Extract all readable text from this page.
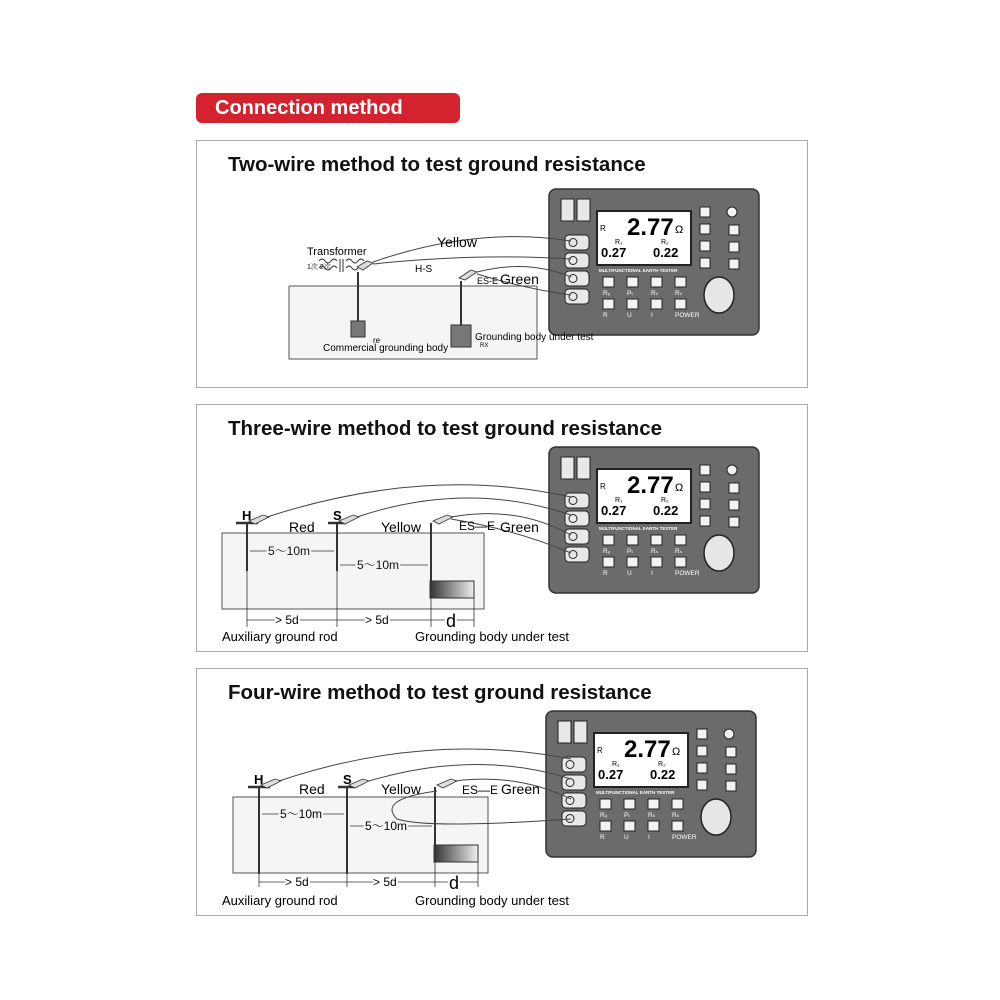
Connection method
Two-wire method to test ground resistance
2.77 Ω
R
R₁	R₂
0.27 0.22
MULTIFUNCTIONAL EARTH TESTER
Rₑ	Pₜ	Rₛ	Rₛ
R	U	I	POWER
Transformer
1次 2次
Yellow
H-S
ES-E Green
re
Commercial grounding body
Grounding body under test
RX
Three-wire method to test ground resistance
2.77 Ω
R
R₁	R₂
0.27 0.22
MULTIFUNCTIONAL EARTH TESTER
Rₑ	Pₜ	Rₛ	Rₛ
R	U	I	POWER
H	S
Red	Yellow	ES—E Green
5～10m
5～10m
> 5d	> 5d	d
Auxiliary ground rod	Grounding body under test
Four-wire method to test ground resistance
2.77 Ω
R
R₁	R₂
0.27 0.22
MULTIFUNCTIONAL EARTH TESTER
Rₑ	Pₜ	Rₛ	Rₛ
R	U	I	POWER
H	S
Red	Yellow	ES—E Green
5～10m
5～10m
> 5d	> 5d	d
Auxiliary ground rod	Grounding body under test
